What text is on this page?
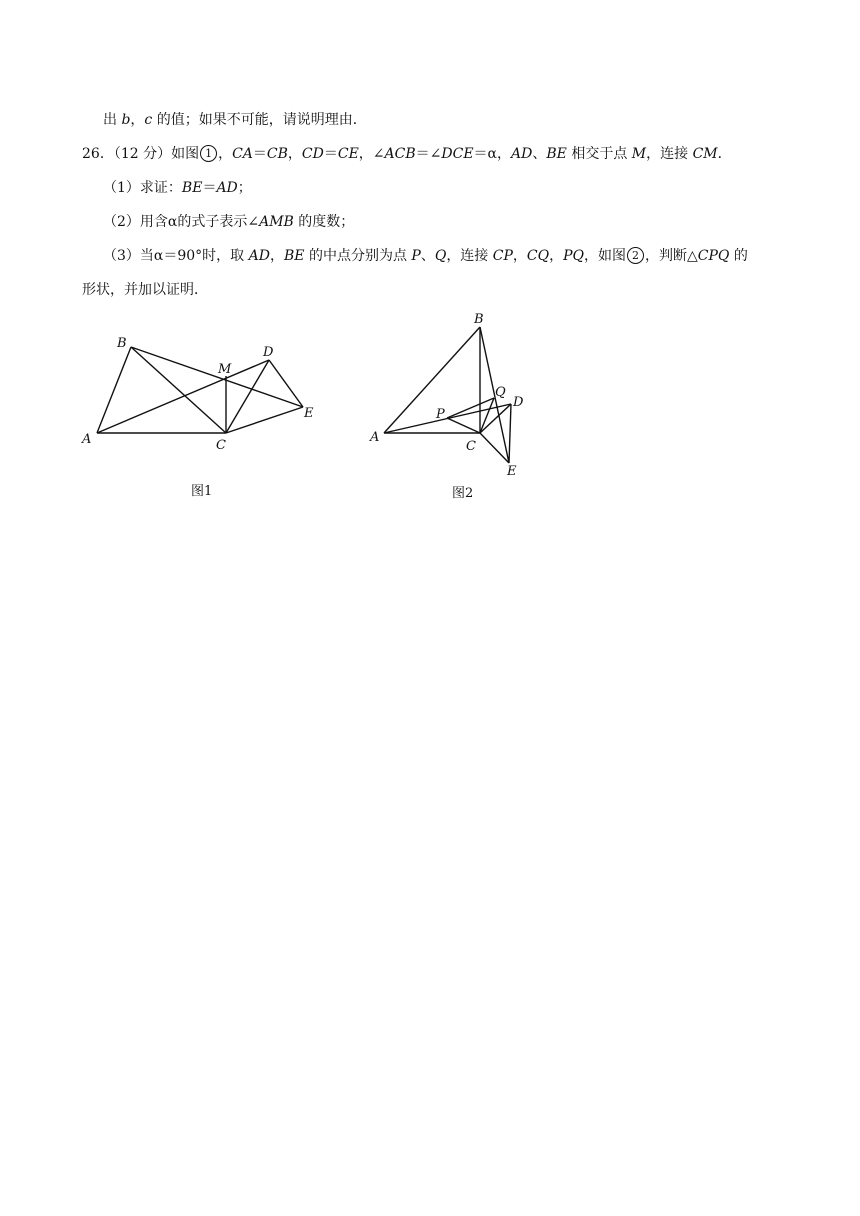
出 b，c 的值；如果不可能，请说明理由．
26．（12 分）如图 1 ，CA＝CB，CD＝CE，∠ACB＝∠DCE＝α，AD、BE 相交于点 M，连接 CM．
（1）求证：BE＝AD；
（2）用含α的式子表示∠AMB 的度数；
（3）当α＝90°时，取 AD，BE 的中点分别为点 P、Q，连接 CP，CQ，PQ，如图 2 ，判断△CPQ 的
形状，并加以证明．
A
B
C
D
E
M
图1
A
B
C
D
E
P
Q
图2
